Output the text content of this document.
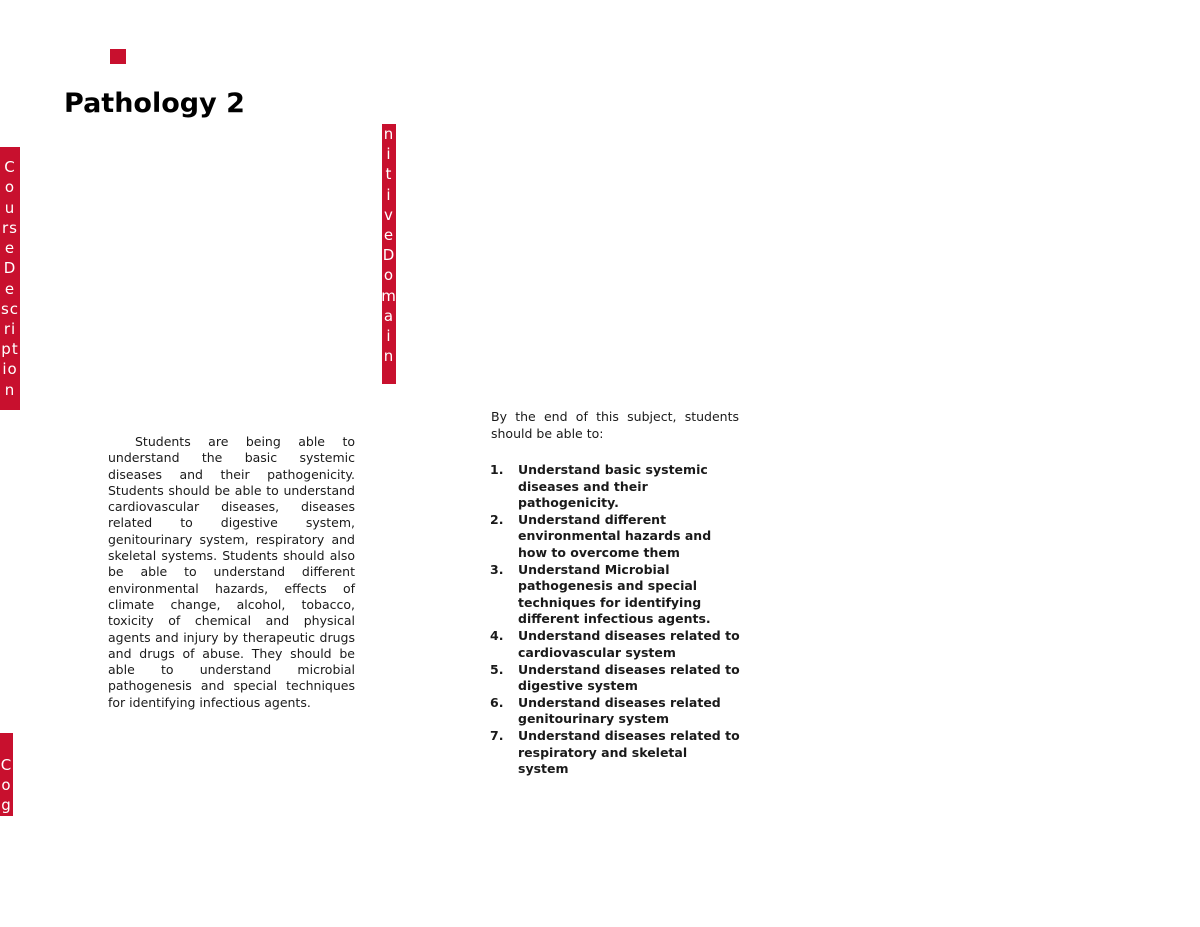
Pathology 2
C
o
u
rs
e
D
e
sc
ri
pt
io
n
n
i
t
i
v
e
D
o
m
a
i
n
C
o
g

Students are being able to understand the basic systemic diseases and their pathogenicity. Students should be able to understand cardiovascular diseases, diseases related to digestive system, genitourinary system, respiratory and skeletal systems. Students should also be able to understand different environmental hazards, effects of climate change, alcohol, tobacco, toxicity of chemical and physical agents and injury by therapeutic drugs and drugs of abuse. They should be able to understand microbial pathogenesis and special techniques for identifying infectious agents.

By the end of this subject, students should be able to:

1.	Understand basic systemic diseases and their pathogenicity.
2.	Understand different environmental hazards and how to overcome them
3.	Understand Microbial pathogenesis and special techniques for identifying different infectious agents.
4.	Understand diseases related to cardiovascular system
5.	Understand diseases related to digestive system
6.	Understand diseases related genitourinary system
7.	Understand diseases related to respiratory and skeletal system
